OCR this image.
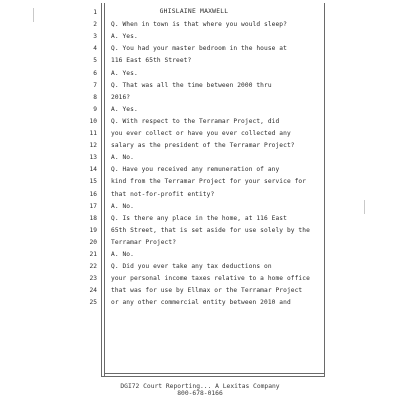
GHISLAINE MAXWELL
1
2 Q. When in town is that where you would sleep?
3 A. Yes.
4 Q. You had your master bedroom in the house at
5 116 East 65th Street?
6 A. Yes.
7 Q. That was all the time between 2000 thru
8 2016?
9 A. Yes.
10 Q. With respect to the Terramar Project, did
11 you ever collect or have you ever collected any
12 salary as the president of the Terramar Project?
13 A. No.
14 Q. Have you received any remuneration of any
15 kind from the Terramar Project for your service for
16 that not-for-profit entity?
17 A. No.
18 Q. Is there any place in the home, at 116 East
19 65th Street, that is set aside for use solely by the
20 Terramar Project?
21 A. No.
22 Q. Did you ever take any tax deductions on
23 your personal income taxes relative to a home office
24 that was for use by Ellmax or the Terramar Project
25 or any other commercial entity between 2010 and
DGI72 Court Reporting... A Lexitas Company
800-678-0166
